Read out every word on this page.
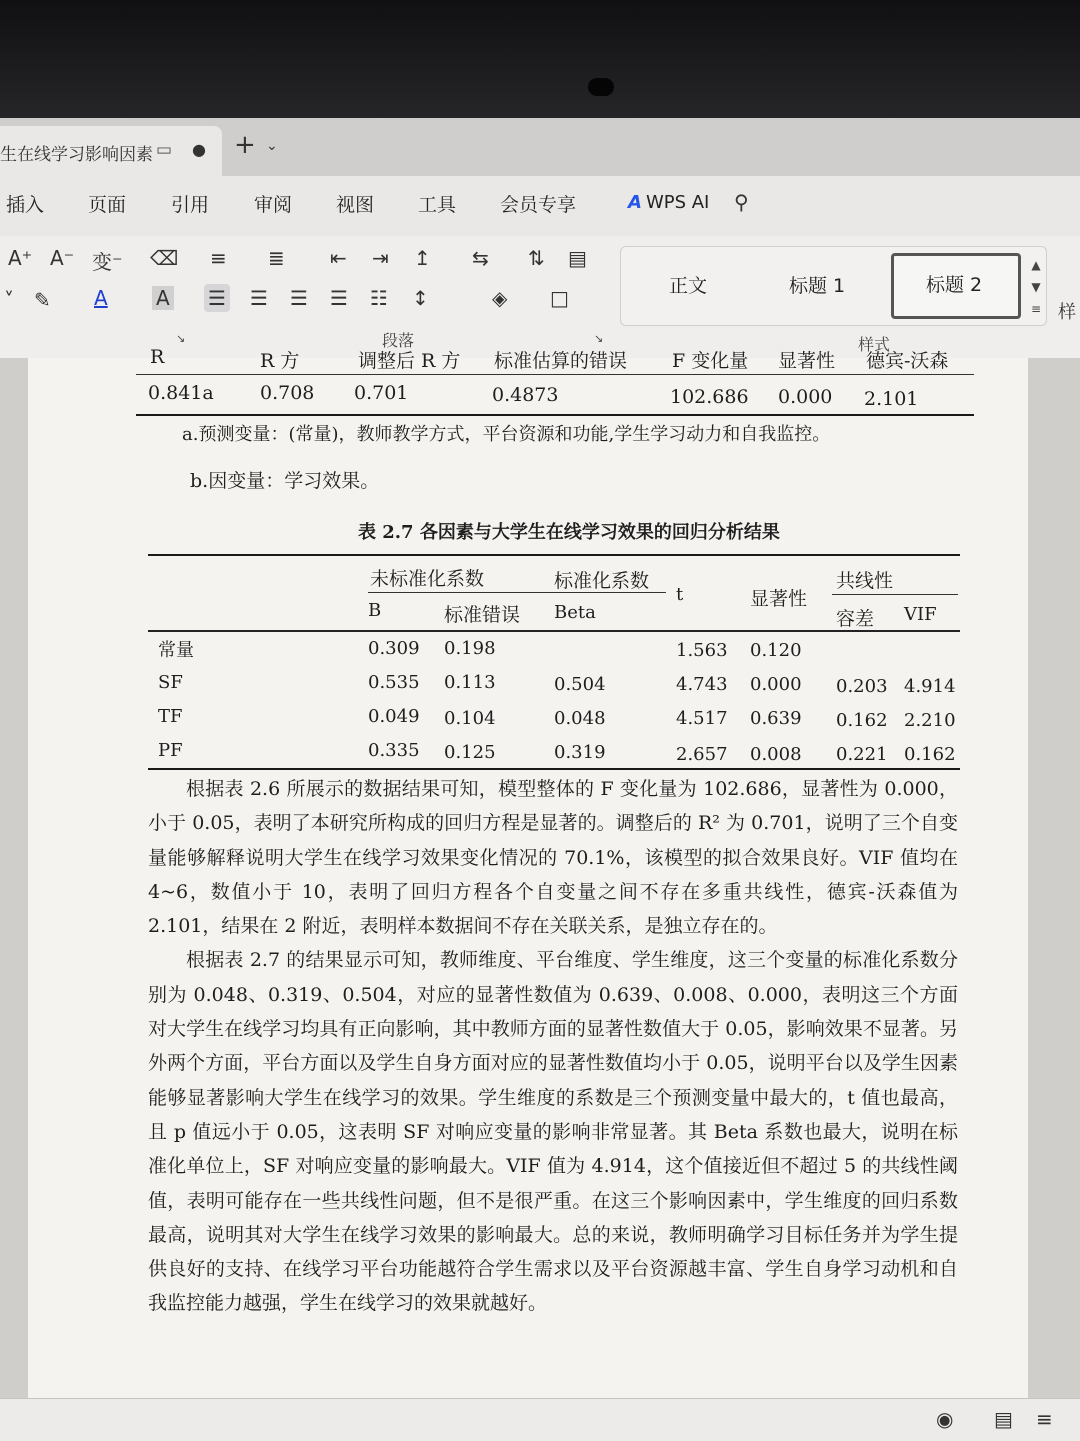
生在线学习影响因素 ▭ ● + ⌄
插入 页面 引用 审阅 视图 工具 会员专享	A WPS AI ⚲
A⁺ A⁻ 变⁻ ⌫
˅ ✎ A A
≡ ≣ ⇤ ⇥ ↥ ⇆ ⇅ ▤
☰ ☰ ☰ ☰ ☷ ↕	◈ □
段落
↘	↘
正文	标题 1	标题 2
▲
▼
≡
样式
样
R	R 方	调整后 R 方 标准估算的错误 F 变化量 显著性 德宾-沃森
0.841a 0.708 0.701	0.4873	102.686 0.000 2.101
a.预测变量：(常量)，教师教学方式，平台资源和功能,学生学习动力和自我监控。
b.因变量：学习效果。
表 2.7 各因素与大学生在线学习效果的回归分析结果
未标准化系数	标准化系数
t	显著性
共线性
B	标准错误 Beta	容差 VIF
常量	0.309 0.198	1.563 0.120
SF	0.535 0.113	0.504	4.743 0.000 0.203 4.914
TF	0.049 0.104	0.048	4.517 0.639 0.162 2.210
PF	0.335 0.125	0.319	2.657 0.008 0.221 0.162

根据表 2.6 所展示的数据结果可知，模型整体的 F 变化量为 102.686，显著性为 0.000，小于 0.05，表明了本研究所构成的回归方程是显著的。调整后的 R² 为 0.701，说明了三个自变量能够解释说明大学生在线学习效果变化情况的 70.1%，该模型的拟合效果良好。VIF 值均在 4~6，数值小于 10，表明了回归方程各个自变量之间不存在多重共线性，德宾-沃森值为 2.101，结果在 2 附近，表明样本数据间不存在关联关系，是独立存在的。

根据表 2.7 的结果显示可知，教师维度、平台维度、学生维度，这三个变量的标准化系数分别为 0.048、0.319、0.504，对应的显著性数值为 0.639、0.008、0.000，表明这三个方面对大学生在线学习均具有正向影响，其中教师方面的显著性数值大于 0.05，影响效果不显著。另外两个方面，平台方面以及学生自身方面对应的显著性数值均小于 0.05，说明平台以及学生因素能够显著影响大学生在线学习的效果。学生维度的系数是三个预测变量中最大的，t 值也最高，且 p 值远小于 0.05，这表明 SF 对响应变量的影响非常显著。其 Beta 系数也最大，说明在标准化单位上，SF 对响应变量的影响最大。VIF 值为 4.914，这个值接近但不超过 5 的共线性阈值，表明可能存在一些共线性问题，但不是很严重。在这三个影响因素中，学生维度的回归系数最高，说明其对大学生在线学习效果的影响最大。总的来说，教师明确学习目标任务并为学生提供良好的支持、在线学习平台功能越符合学生需求以及平台资源越丰富、学生自身学习动机和自我监控能力越强，学生在线学习的效果就越好。

◉ ▤ ≡
